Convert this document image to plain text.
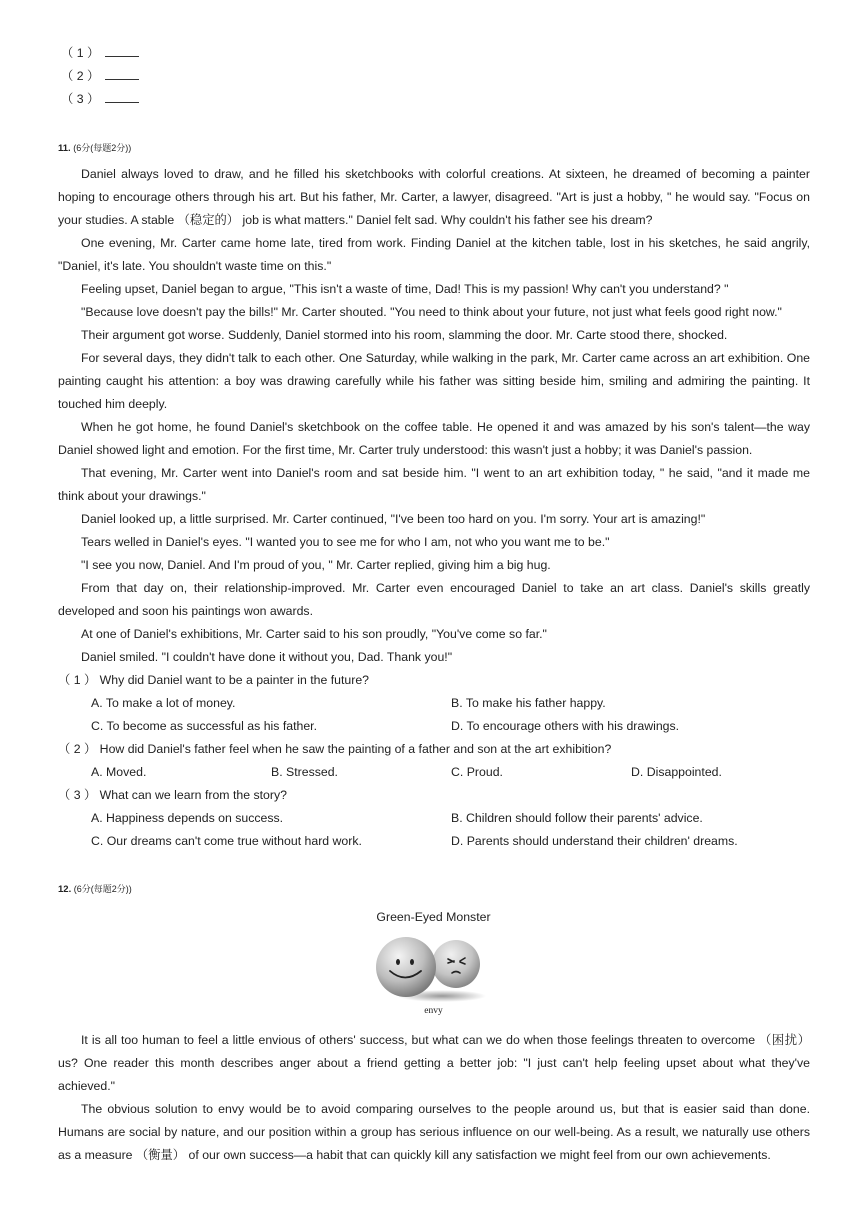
（ 1 ）
（ 2 ）
（ 3 ）
11. (6分(每题2分))

Daniel always loved to draw, and he filled his sketchbooks with colorful creations. At sixteen, he dreamed of becoming a painter hoping to encourage others through his art. But his father, Mr. Carter, a lawyer, disagreed. "Art is just a hobby, " he would say. "Focus on your studies. A stable （稳定的） job is what matters." Daniel felt sad. Why couldn't his father see his dream?

One evening, Mr. Carter came home late, tired from work. Finding Daniel at the kitchen table, lost in his sketches, he said angrily, "Daniel, it's late. You shouldn't waste time on this."

Feeling upset, Daniel began to argue, "This isn't a waste of time, Dad! This is my passion! Why can't you understand? "

"Because love doesn't pay the bills!" Mr. Carter shouted. "You need to think about your future, not just what feels good right now."

Their argument got worse. Suddenly, Daniel stormed into his room, slamming the door. Mr. Carte stood there, shocked.

For several days, they didn't talk to each other. One Saturday, while walking in the park, Mr. Carter came across an art exhibition. One painting caught his attention: a boy was drawing carefully while his father was sitting beside him, smiling and admiring the painting. It touched him deeply.

When he got home, he found Daniel's sketchbook on the coffee table. He opened it and was amazed by his son's talent—the way Daniel showed light and emotion. For the first time, Mr. Carter truly understood: this wasn't just a hobby; it was Daniel's passion.

That evening, Mr. Carter went into Daniel's room and sat beside him. "I went to an art exhibition today, " he said, "and it made me think about your drawings."

Daniel looked up, a little surprised. Mr. Carter continued, "I've been too hard on you. I'm sorry. Your art is amazing!"

Tears welled in Daniel's eyes. "I wanted you to see me for who I am, not who you want me to be."

"I see you now, Daniel. And I'm proud of you, " Mr. Carter replied, giving him a big hug.

From that day on, their relationship-improved. Mr. Carter even encouraged Daniel to take an art class. Daniel's skills greatly developed and soon his paintings won awards.

At one of Daniel's exhibitions, Mr. Carter said to his son proudly, "You've come so far."

Daniel smiled. "I couldn't have done it without you, Dad. Thank you!"

（ 1 ） Why did Daniel want to be a painter in the future?
A. To make a lot of money.	B. To make his father happy.
C. To become as successful as his father.	D. To encourage others with his drawings.
（ 2 ） How did Daniel's father feel when he saw the painting of a father and son at the art exhibition?
A. Moved.	B. Stressed.	C. Proud.	D. Disappointed.
（ 3 ） What can we learn from the story?
A. Happiness depends on success.	B. Children should follow their parents' advice.
C. Our dreams can't come true without hard work.	D. Parents should understand their children' dreams.
12. (6分(每题2分))
Green-Eyed Monster
envy

It is all too human to feel a little envious of others' success, but what can we do when those feelings threaten to overcome （困扰） us? One reader this month describes anger about a friend getting a better job: "I just can't help feeling upset about what they've achieved."

The obvious solution to envy would be to avoid comparing ourselves to the people around us, but that is easier said than done. Humans are social by nature, and our position within a group has serious influence on our well-being. As a result, we naturally use others as a measure （衡量） of our own success—a habit that can quickly kill any satisfaction we might feel from our own achievements.
